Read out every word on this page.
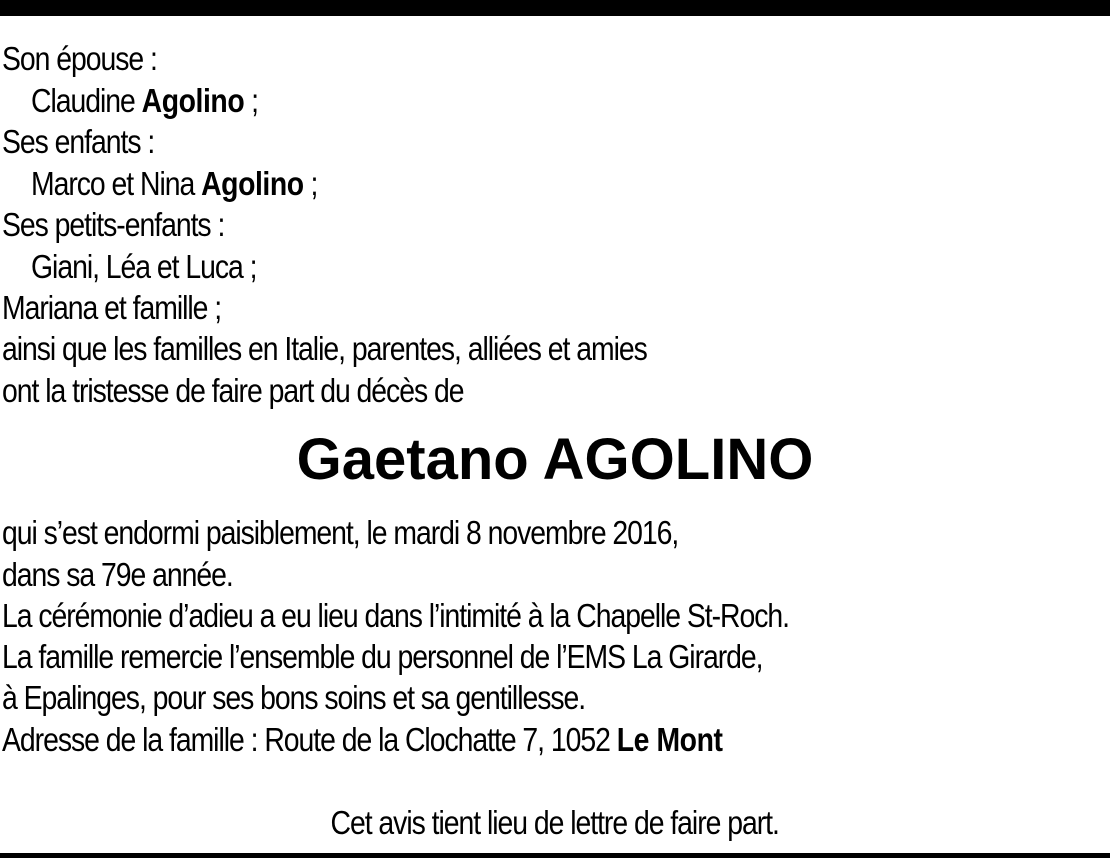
Son épouse :
Claudine Agolino ;
Ses enfants :
Marco et Nina Agolino ;
Ses petits-enfants :
Giani, Léa et Luca ;
Mariana et famille ;
ainsi que les familles en Italie, parentes, alliées et amies
ont la tristesse de faire part du décès de
Gaetano AGOLINO
qui s’est endormi paisiblement, le mardi 8 novembre 2016,
dans sa 79e année.
La cérémonie d’adieu a eu lieu dans l’intimité à la Chapelle St-Roch.
La famille remercie l’ensemble du personnel de l’EMS La Girarde,
à Epalinges, pour ses bons soins et sa gentillesse.
Adresse de la famille : Route de la Clochatte 7, 1052 Le Mont
Cet avis tient lieu de lettre de faire part.
